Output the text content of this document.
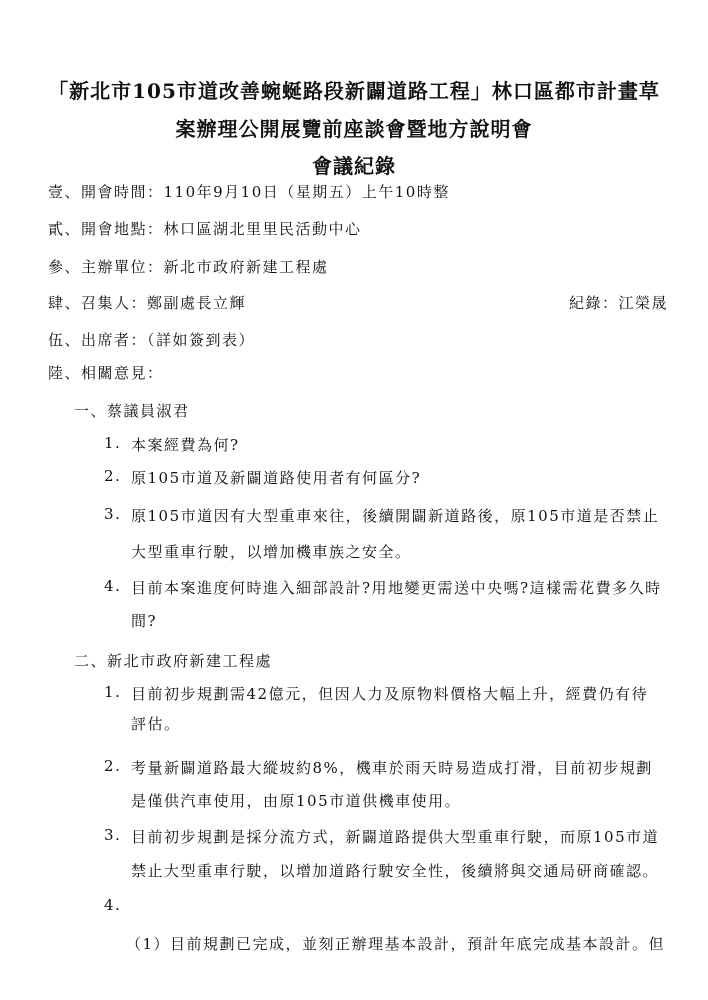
「新北市105市道改善蜿蜒路段新闢道路工程」林口區都市計畫草
案辦理公開展覽前座談會暨地方說明會
會議紀錄
壹、開會時間：110年9月10日（星期五）上午10時整
貳、開會地點：林口區湖北里里民活動中心
參、主辦單位：新北市政府新建工程處
肆、召集人：鄭副處長立輝	紀錄：江榮晟
伍、出席者：（詳如簽到表）
陸、相關意見：
一、蔡議員淑君
1. 本案經費為何?
2. 原105市道及新闢道路使用者有何區分?
3. 原105市道因有大型重車來往，後續開闢新道路後，原105市道是否禁止
大型重車行駛，以增加機車族之安全。
4. 目前本案進度何時進入細部設計?用地變更需送中央嗎?這樣需花費多久時
間?
二、新北市政府新建工程處
1. 目前初步規劃需42億元，但因人力及原物料價格大幅上升，經費仍有待
評估。
2. 考量新闢道路最大縱坡約8%，機車於雨天時易造成打滑，目前初步規劃
是僅供汽車使用，由原105市道供機車使用。
3. 目前初步規劃是採分流方式，新闢道路提供大型重車行駛，而原105市道
禁止大型重車行駛，以增加道路行駛安全性，後續將與交通局研商確認。
4.
（1）目前規劃已完成，並刻正辦理基本設計，預計年底完成基本設計。但
